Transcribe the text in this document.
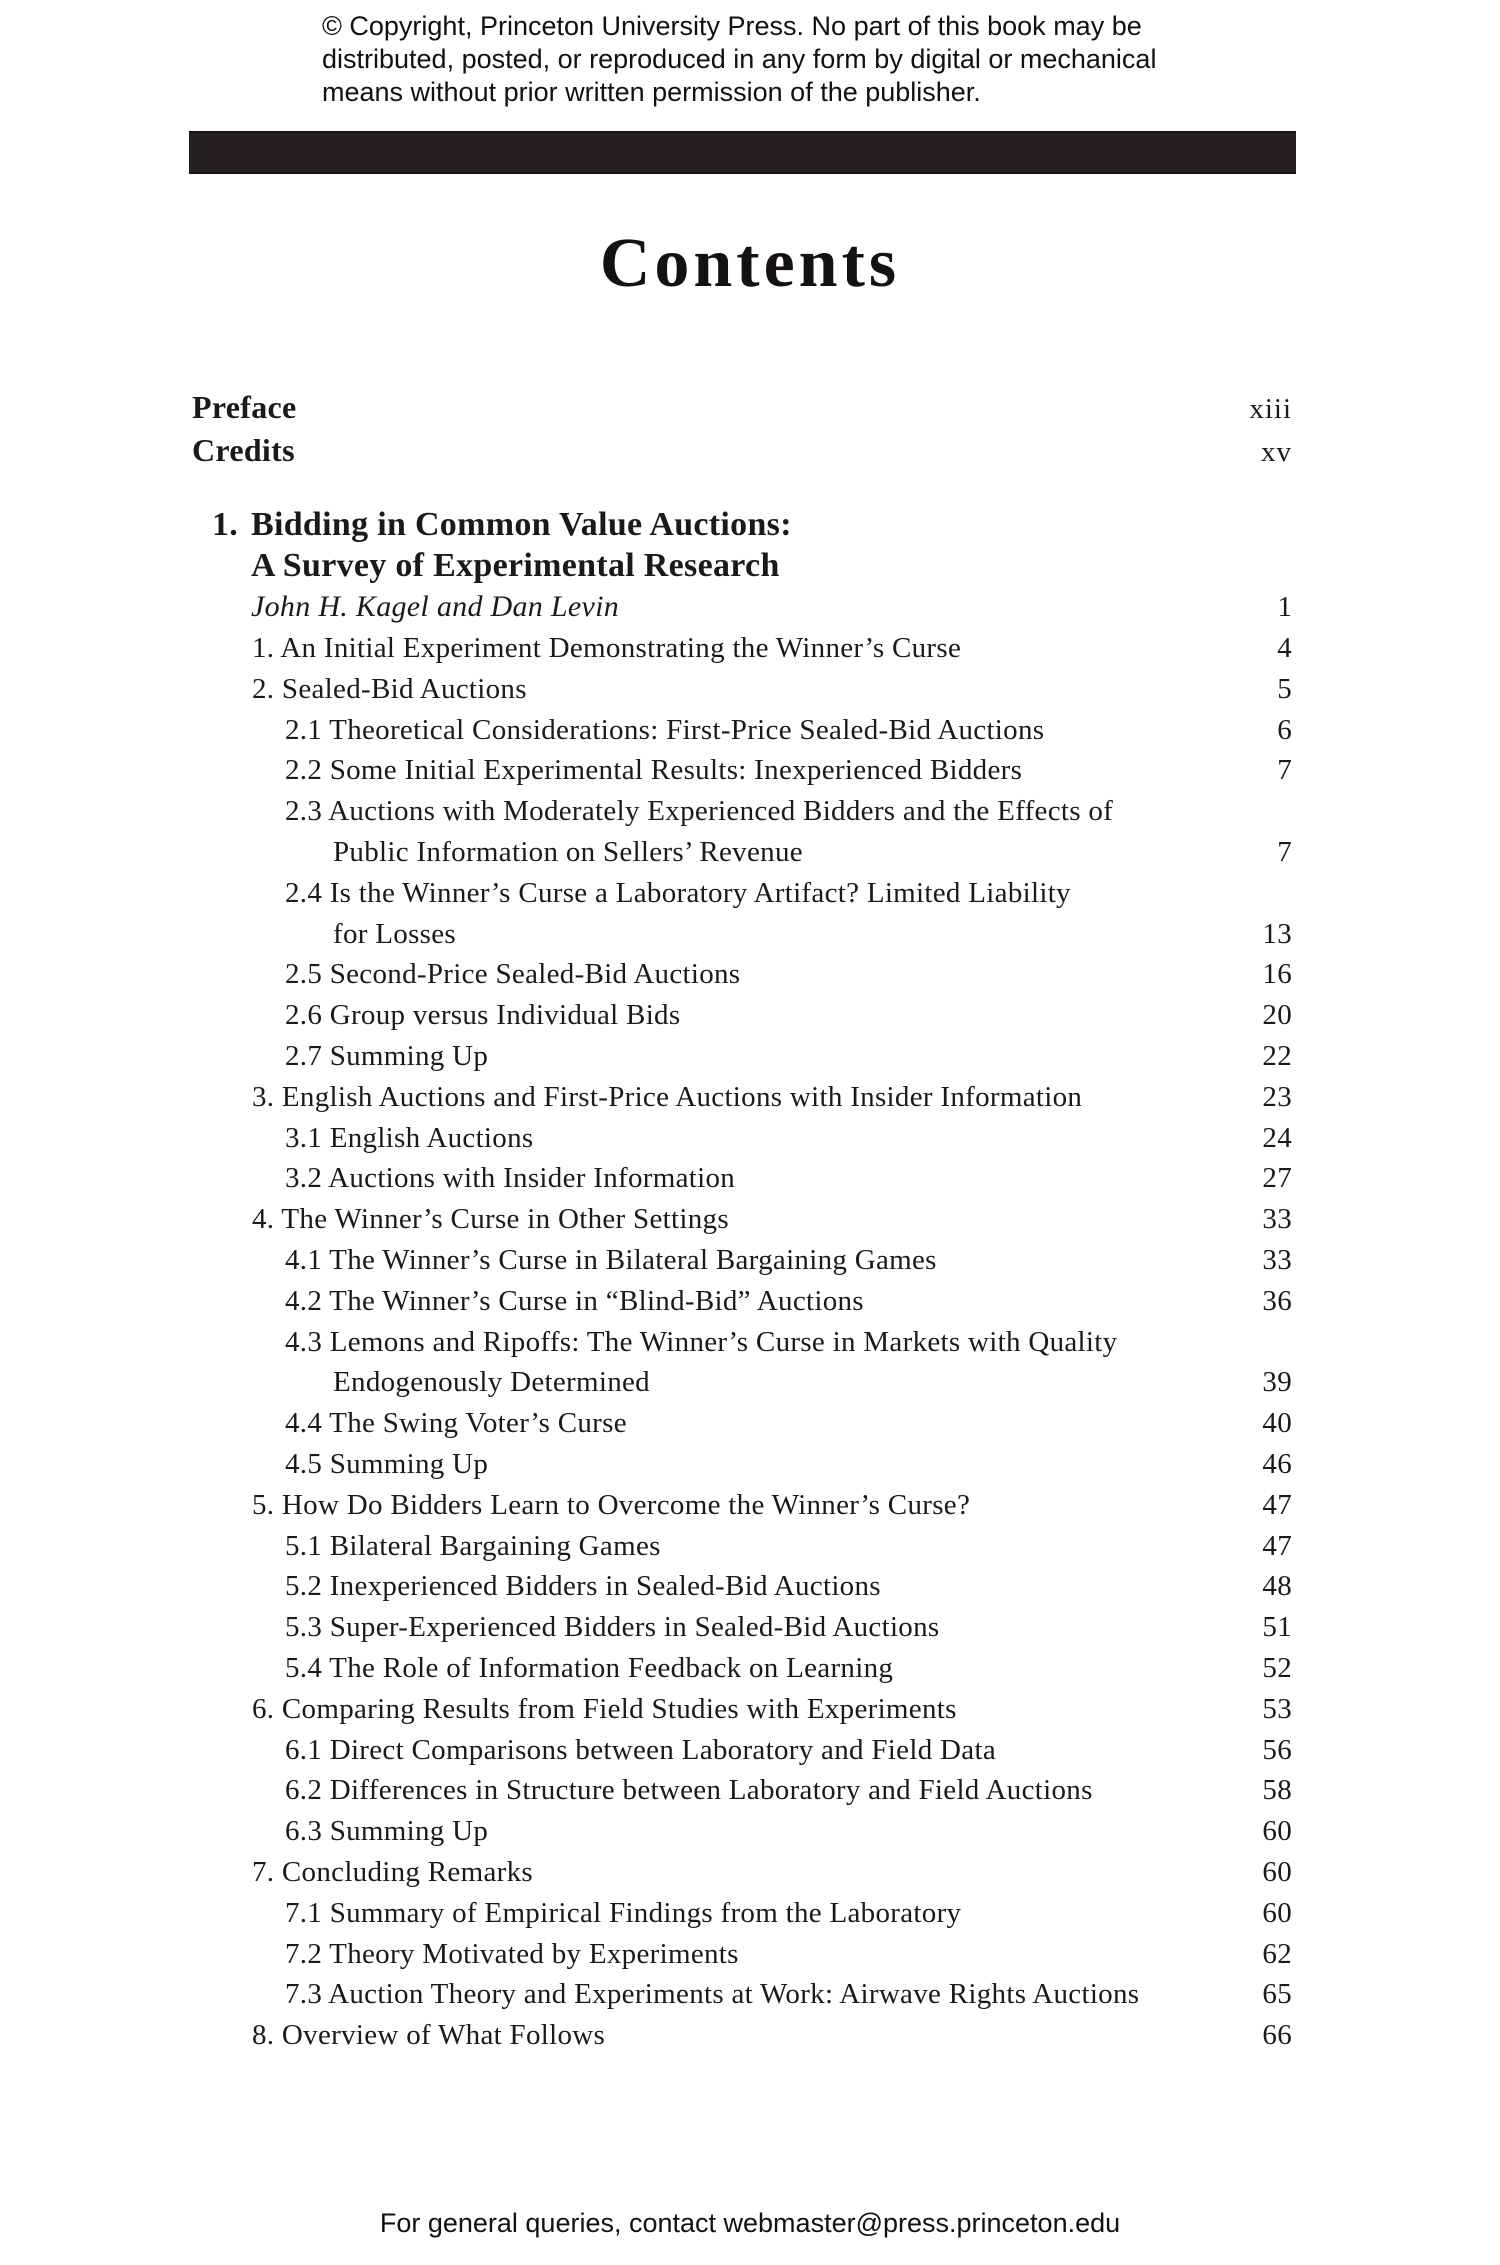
© Copyright, Princeton University Press. No part of this book may be
distributed, posted, or reproduced in any form by digital or mechanical
means without prior written permission of the publisher.
Contents
Preface	xiii
Credits	xv
1. Bidding in Common Value Auctions:
A Survey of Experimental Research
John H. Kagel and Dan Levin	1
1. An Initial Experiment Demonstrating the Winner’s Curse	4
2. Sealed-Bid Auctions	5
2.1 Theoretical Considerations: First-Price Sealed-Bid Auctions	6
2.2 Some Initial Experimental Results: Inexperienced Bidders	7
2.3 Auctions with Moderately Experienced Bidders and the Effects of
Public Information on Sellers’ Revenue	7
2.4 Is the Winner’s Curse a Laboratory Artifact? Limited Liability
for Losses	13
2.5 Second-Price Sealed-Bid Auctions	16
2.6 Group versus Individual Bids	20
2.7 Summing Up	22
3. English Auctions and First-Price Auctions with Insider Information	23
3.1 English Auctions	24
3.2 Auctions with Insider Information	27
4. The Winner’s Curse in Other Settings	33
4.1 The Winner’s Curse in Bilateral Bargaining Games	33
4.2 The Winner’s Curse in “Blind-Bid” Auctions	36
4.3 Lemons and Ripoffs: The Winner’s Curse in Markets with Quality
Endogenously Determined	39
4.4 The Swing Voter’s Curse	40
4.5 Summing Up	46
5. How Do Bidders Learn to Overcome the Winner’s Curse?	47
5.1 Bilateral Bargaining Games	47
5.2 Inexperienced Bidders in Sealed-Bid Auctions	48
5.3 Super-Experienced Bidders in Sealed-Bid Auctions	51
5.4 The Role of Information Feedback on Learning	52
6. Comparing Results from Field Studies with Experiments	53
6.1 Direct Comparisons between Laboratory and Field Data	56
6.2 Differences in Structure between Laboratory and Field Auctions	58
6.3 Summing Up	60
7. Concluding Remarks	60
7.1 Summary of Empirical Findings from the Laboratory	60
7.2 Theory Motivated by Experiments	62
7.3 Auction Theory and Experiments at Work: Airwave Rights Auctions	65
8. Overview of What Follows	66
For general queries, contact webmaster@press.princeton.edu
